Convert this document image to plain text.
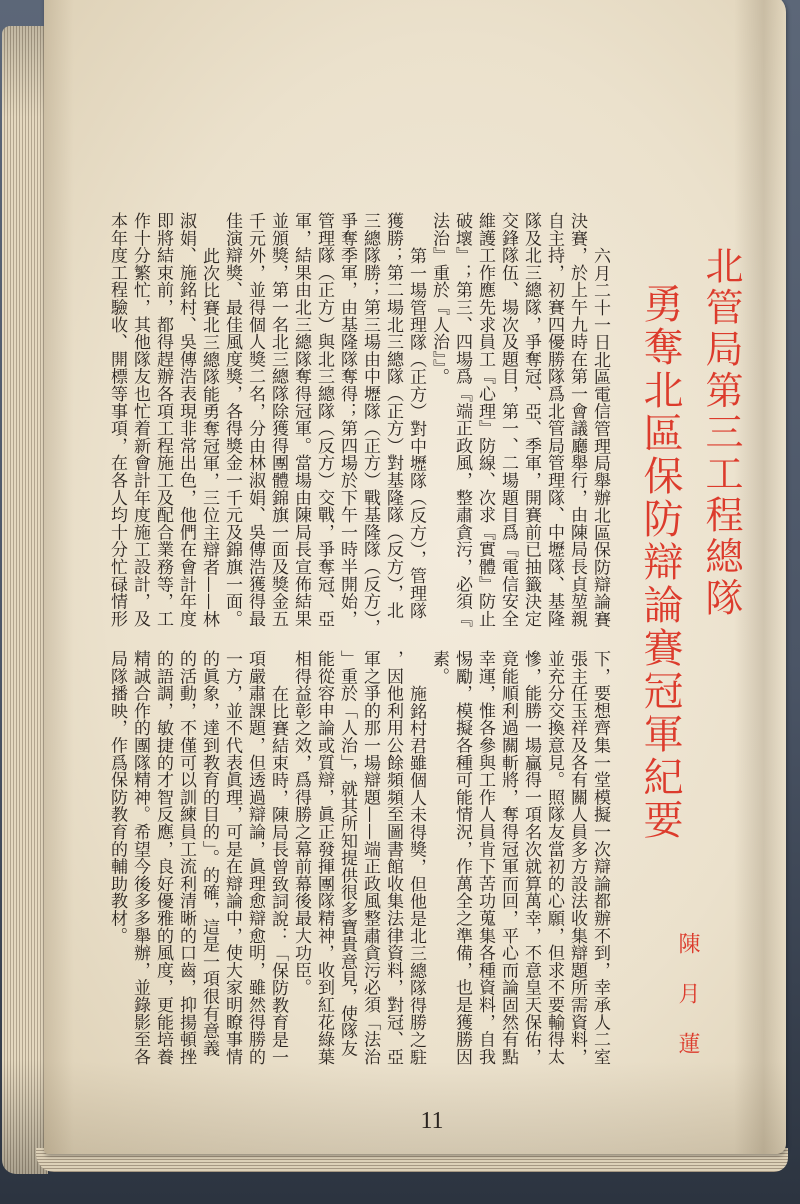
北管局第三工程總隊
勇奪北區保防辯論賽冠軍紀要
陳月蓮
六月二十一日北區電信管理局舉辦北區保防辯論賽
決賽，於上午九時在第一會議廳舉行，由陳局長貞堃親
自主持，初賽四優勝隊爲北管局管理隊、中壢隊、基隆
隊及北三總隊，爭奪冠、亞、季軍，開賽前已抽籤決定
交鋒隊伍、場次及題目，第一、二場題目爲『電信安全
維護工作應先求員工『心理』防線、次求『實體』防止
破壞』；第三、四場爲『端正政風，整肅貪污，必須『
法治』重於『人治』』。
第一場管理隊（正方）對中壢隊（反方），管理隊
獲勝；第二場北三總隊（正方）對基隆隊（反方），北
三總隊勝；第三場由中壢隊（正方）戰基隆隊（反方），
爭奪季軍，由基隆隊奪得；第四場於下午一時半開始，
管理隊（正方）與北三總隊（反方）交戰，爭奪冠、亞
軍，結果由北三總隊奪得冠軍。當場由陳局長宣佈結果
並頒獎，第一名北三總隊除獲得團體錦旗一面及獎金五
千元外，並得個人獎二名，分由林淑娟、吳傳浩獲得最
佳演辯獎、最佳風度獎，各得獎金一千元及錦旗一面。
此次比賽北三總隊能勇奪冠軍，三位主辯者——林
淑娟、施銘村、吳傳浩表現非常出色，他們在會計年度
即將結束前，都得趕辦各項工程施工及配合業務等，工
作十分繁忙，其他隊友也忙着新會計年度施工設計，及
本年度工程驗收、開標等事項，在各人均十分忙碌情形
下，要想齊集一堂模擬一次辯論都辦不到，幸承人二室
張主任玉祥及各有關人員多方設法收集辯題所需資料，
並充分交換意見。照隊友當初的心願，但求不要輸得太
慘，能勝一場贏得一項名次就算萬幸，不意皇天保佑，
竟能順利過關斬將，奪得冠軍而回，平心而論固然有點
幸運，惟各參與工作人員肯下苦功蒐集各種資料，自我
惕勵，模擬各種可能情況，作萬全之準備，也是獲勝因
素。
施銘村君雖個人未得獎，但他是北三總隊得勝之駐
，因他利用公餘頻頻至圖書館收集法律資料，對冠、亞
軍之爭的那一場辯題——端正政風整肅貪污必須「法治
」重於「人治」，就其所知提供很多寶貴意見，使隊友
能從容申論或質辯，眞正發揮團隊精神，收到紅花綠葉
相得益彰之效，爲得勝之幕前幕後最大功臣。
在比賽結束時，陳局長曾致詞說：「保防教育是一
項嚴肅課題，但透過辯論，眞理愈辯愈明，雖然得勝的
一方，並不代表眞理，可是在辯論中，使大家明瞭事情
的眞象，達到教育的目的」。的確，這是一項很有意義
的活動，不僅可以訓練員工流利清晰的口齒，抑揚頓挫
的語調，敏捷的才智反應，良好優雅的風度，更能培養
精誠合作的團隊精神。希望今後多多舉辦，並錄影至各
局隊播映，作爲保防教育的輔助教材。
11
